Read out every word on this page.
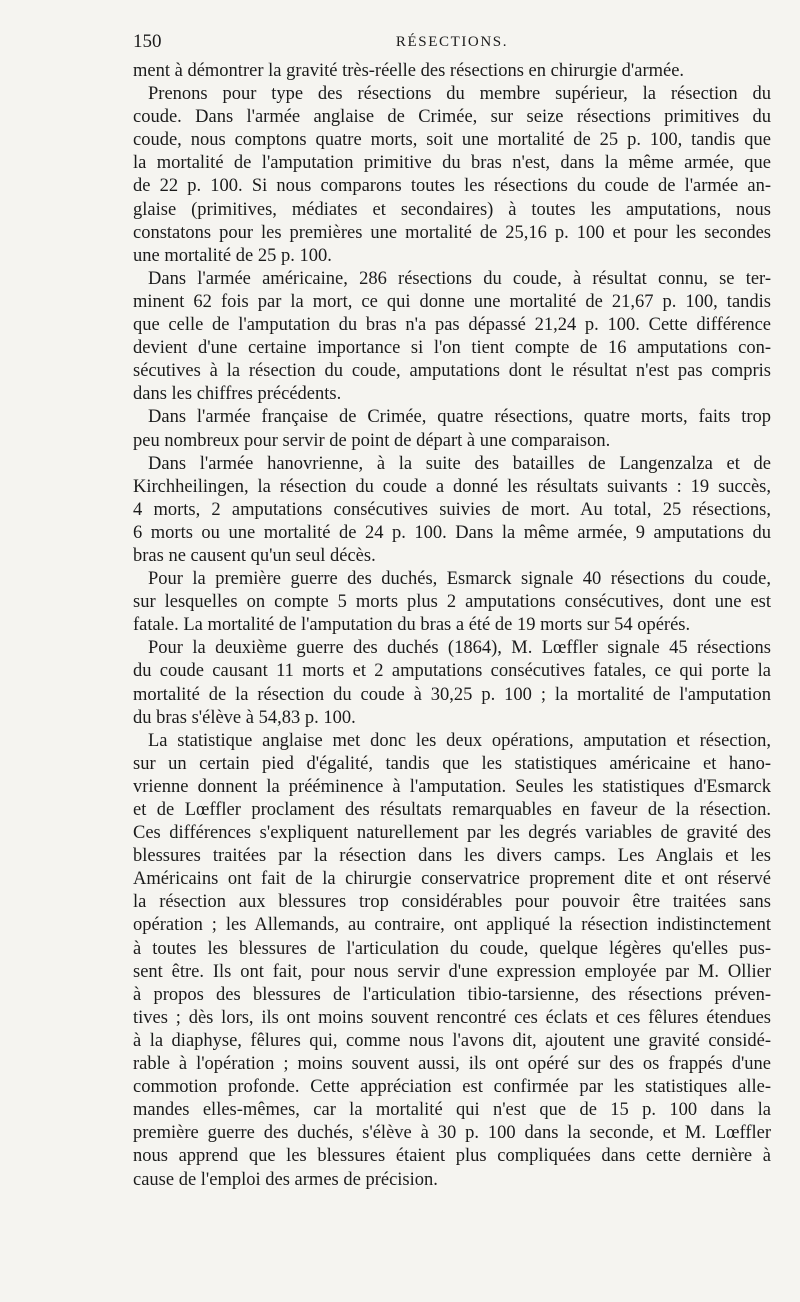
150	RÉSECTIONS.
ment à démontrer la gravité très-réelle des résections en chirurgie d'armée.
Prenons pour type des résections du membre supérieur, la résection du
coude. Dans l'armée anglaise de Crimée, sur seize résections primitives du
coude, nous comptons quatre morts, soit une mortalité de 25 p. 100, tandis que
la mortalité de l'amputation primitive du bras n'est, dans la même armée, que
de 22 p. 100. Si nous comparons toutes les résections du coude de l'armée an-
glaise (primitives, médiates et secondaires) à toutes les amputations, nous
constatons pour les premières une mortalité de 25,16 p. 100 et pour les secondes
une mortalité de 25 p. 100.
Dans l'armée américaine, 286 résections du coude, à résultat connu, se ter-
minent 62 fois par la mort, ce qui donne une mortalité de 21,67 p. 100, tandis
que celle de l'amputation du bras n'a pas dépassé 21,24 p. 100. Cette différence
devient d'une certaine importance si l'on tient compte de 16 amputations con-
sécutives à la résection du coude, amputations dont le résultat n'est pas compris
dans les chiffres précédents.
Dans l'armée française de Crimée, quatre résections, quatre morts, faits trop
peu nombreux pour servir de point de départ à une comparaison.
Dans l'armée hanovrienne, à la suite des batailles de Langenzalza et de
Kirchheilingen, la résection du coude a donné les résultats suivants : 19 succès,
4 morts, 2 amputations consécutives suivies de mort. Au total, 25 résections,
6 morts ou une mortalité de 24 p. 100. Dans la même armée, 9 amputations du
bras ne causent qu'un seul décès.
Pour la première guerre des duchés, Esmarck signale 40 résections du coude,
sur lesquelles on compte 5 morts plus 2 amputations consécutives, dont une est
fatale. La mortalité de l'amputation du bras a été de 19 morts sur 54 opérés.
Pour la deuxième guerre des duchés (1864), M. Lœffler signale 45 résections
du coude causant 11 morts et 2 amputations consécutives fatales, ce qui porte la
mortalité de la résection du coude à 30,25 p. 100 ; la mortalité de l'amputation
du bras s'élève à 54,83 p. 100.
La statistique anglaise met donc les deux opérations, amputation et résection,
sur un certain pied d'égalité, tandis que les statistiques américaine et hano-
vrienne donnent la prééminence à l'amputation. Seules les statistiques d'Esmarck
et de Lœffler proclament des résultats remarquables en faveur de la résection.
Ces différences s'expliquent naturellement par les degrés variables de gravité des
blessures traitées par la résection dans les divers camps. Les Anglais et les
Américains ont fait de la chirurgie conservatrice proprement dite et ont réservé
la résection aux blessures trop considérables pour pouvoir être traitées sans
opération ; les Allemands, au contraire, ont appliqué la résection indistinctement
à toutes les blessures de l'articulation du coude, quelque légères qu'elles pus-
sent être. Ils ont fait, pour nous servir d'une expression employée par M. Ollier
à propos des blessures de l'articulation tibio-tarsienne, des résections préven-
tives ; dès lors, ils ont moins souvent rencontré ces éclats et ces fêlures étendues
à la diaphyse, fêlures qui, comme nous l'avons dit, ajoutent une gravité considé-
rable à l'opération ; moins souvent aussi, ils ont opéré sur des os frappés d'une
commotion profonde. Cette appréciation est confirmée par les statistiques alle-
mandes elles-mêmes, car la mortalité qui n'est que de 15 p. 100 dans la
première guerre des duchés, s'élève à 30 p. 100 dans la seconde, et M. Lœffler
nous apprend que les blessures étaient plus compliquées dans cette dernière à
cause de l'emploi des armes de précision.
